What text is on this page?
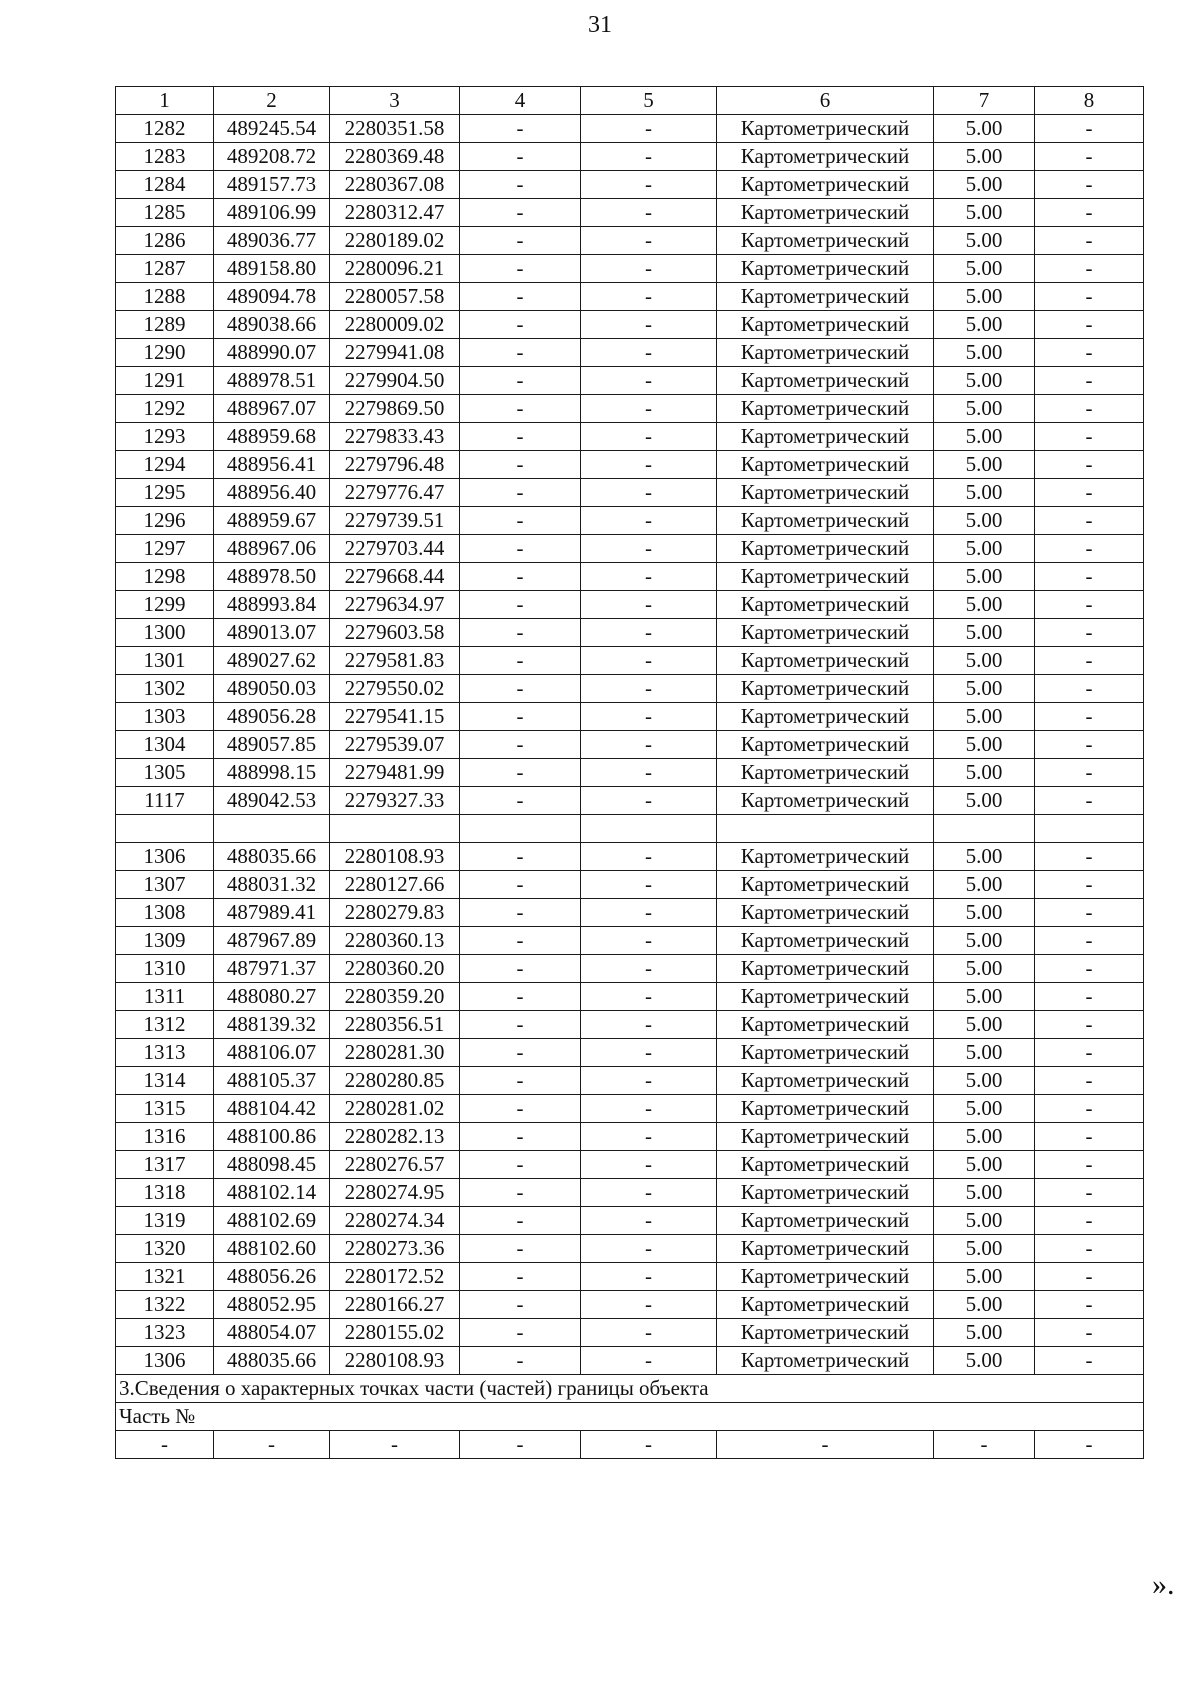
31
1	2	3	4	5	6	7	8
1282	489245.54	2280351.58	-	-	Картометрический	5.00	-
1283	489208.72	2280369.48	-	-	Картометрический	5.00	-
1284	489157.73	2280367.08	-	-	Картометрический	5.00	-
1285	489106.99	2280312.47	-	-	Картометрический	5.00	-
1286	489036.77	2280189.02	-	-	Картометрический	5.00	-
1287	489158.80	2280096.21	-	-	Картометрический	5.00	-
1288	489094.78	2280057.58	-	-	Картометрический	5.00	-
1289	489038.66	2280009.02	-	-	Картометрический	5.00	-
1290	488990.07	2279941.08	-	-	Картометрический	5.00	-
1291	488978.51	2279904.50	-	-	Картометрический	5.00	-
1292	488967.07	2279869.50	-	-	Картометрический	5.00	-
1293	488959.68	2279833.43	-	-	Картометрический	5.00	-
1294	488956.41	2279796.48	-	-	Картометрический	5.00	-
1295	488956.40	2279776.47	-	-	Картометрический	5.00	-
1296	488959.67	2279739.51	-	-	Картометрический	5.00	-
1297	488967.06	2279703.44	-	-	Картометрический	5.00	-
1298	488978.50	2279668.44	-	-	Картометрический	5.00	-
1299	488993.84	2279634.97	-	-	Картометрический	5.00	-
1300	489013.07	2279603.58	-	-	Картометрический	5.00	-
1301	489027.62	2279581.83	-	-	Картометрический	5.00	-
1302	489050.03	2279550.02	-	-	Картометрический	5.00	-
1303	489056.28	2279541.15	-	-	Картометрический	5.00	-
1304	489057.85	2279539.07	-	-	Картометрический	5.00	-
1305	488998.15	2279481.99	-	-	Картометрический	5.00	-
1117	489042.53	2279327.33	-	-	Картометрический	5.00	-

1306	488035.66	2280108.93	-	-	Картометрический	5.00	-
1307	488031.32	2280127.66	-	-	Картометрический	5.00	-
1308	487989.41	2280279.83	-	-	Картометрический	5.00	-
1309	487967.89	2280360.13	-	-	Картометрический	5.00	-
1310	487971.37	2280360.20	-	-	Картометрический	5.00	-
1311	488080.27	2280359.20	-	-	Картометрический	5.00	-
1312	488139.32	2280356.51	-	-	Картометрический	5.00	-
1313	488106.07	2280281.30	-	-	Картометрический	5.00	-
1314	488105.37	2280280.85	-	-	Картометрический	5.00	-
1315	488104.42	2280281.02	-	-	Картометрический	5.00	-
1316	488100.86	2280282.13	-	-	Картометрический	5.00	-
1317	488098.45	2280276.57	-	-	Картометрический	5.00	-
1318	488102.14	2280274.95	-	-	Картометрический	5.00	-
1319	488102.69	2280274.34	-	-	Картометрический	5.00	-
1320	488102.60	2280273.36	-	-	Картометрический	5.00	-
1321	488056.26	2280172.52	-	-	Картометрический	5.00	-
1322	488052.95	2280166.27	-	-	Картометрический	5.00	-
1323	488054.07	2280155.02	-	-	Картометрический	5.00	-
1306	488035.66	2280108.93	-	-	Картометрический	5.00	-
3.Сведения о характерных точках части (частей) границы объекта							
Часть №							
-	-	-	-	-	-	-	-
».
